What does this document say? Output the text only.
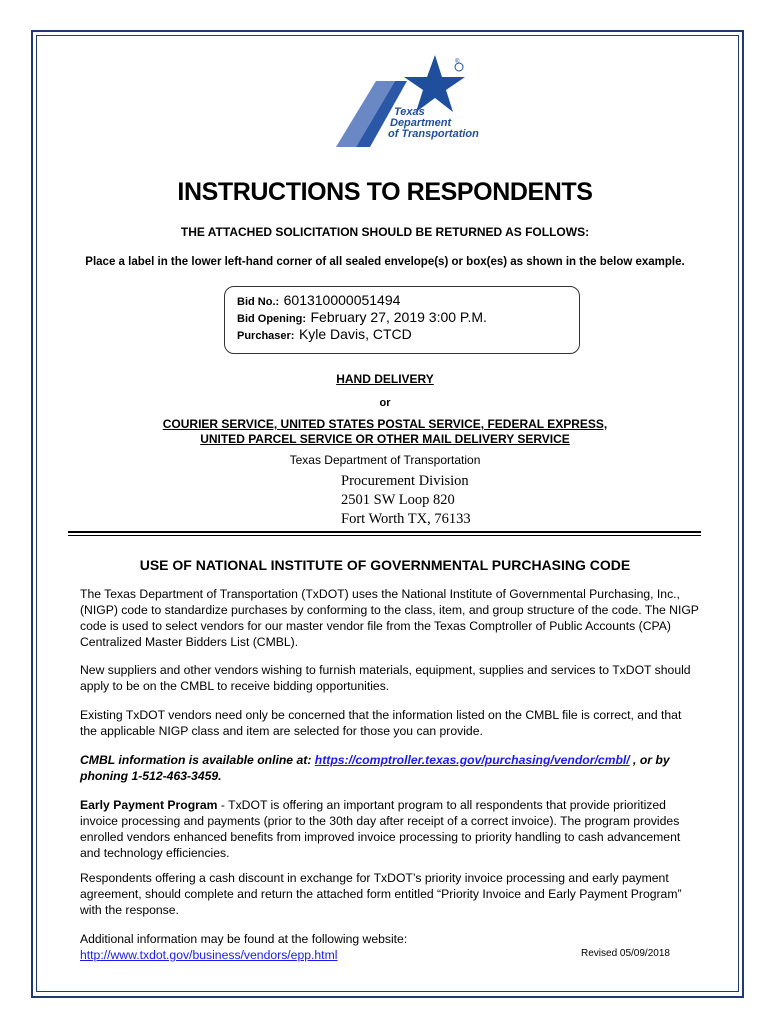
®
Texas
Department
of Transportation
INSTRUCTIONS TO RESPONDENTS
THE ATTACHED SOLICITATION SHOULD BE RETURNED AS FOLLOWS:
Place a label in the lower left-hand corner of all sealed envelope(s) or box(es) as shown in the below example.
Bid No.: 601310000051494
Bid Opening: February 27, 2019 3:00 P.M.
Purchaser: Kyle Davis, CTCD
HAND DELIVERY
or
COURIER SERVICE, UNITED STATES POSTAL SERVICE, FEDERAL EXPRESS,
UNITED PARCEL SERVICE OR OTHER MAIL DELIVERY SERVICE
Texas Department of Transportation
Procurement Division
2501 SW Loop 820
Fort Worth TX, 76133
USE OF NATIONAL INSTITUTE OF GOVERNMENTAL PURCHASING CODE
The Texas Department of Transportation (TxDOT) uses the National Institute of Governmental Purchasing, Inc., (NIGP) code to standardize purchases by conforming to the class, item, and group structure of the code. The NIGP code is used to select vendors for our master vendor file from the Texas Comptroller of Public Accounts (CPA) Centralized Master Bidders List (CMBL).
New suppliers and other vendors wishing to furnish materials, equipment, supplies and services to TxDOT should apply to be on the CMBL to receive bidding opportunities.
Existing TxDOT vendors need only be concerned that the information listed on the CMBL file is correct, and that the applicable NIGP class and item are selected for those you can provide.
CMBL information is available online at: https://comptroller.texas.gov/purchasing/vendor/cmbl/ , or by phoning 1-512-463-3459.
Early Payment Program - TxDOT is offering an important program to all respondents that provide prioritized invoice processing and payments (prior to the 30th day after receipt of a correct invoice). The program provides enrolled vendors enhanced benefits from improved invoice processing to priority handling to cash advancement and technology efficiencies.
Respondents offering a cash discount in exchange for TxDOT’s priority invoice processing and early payment agreement, should complete and return the attached form entitled “Priority Invoice and Early Payment Program” with the response.
Additional information may be found at the following website:
http://www.txdot.gov/business/vendors/epp.html	Revised 05/09/2018
